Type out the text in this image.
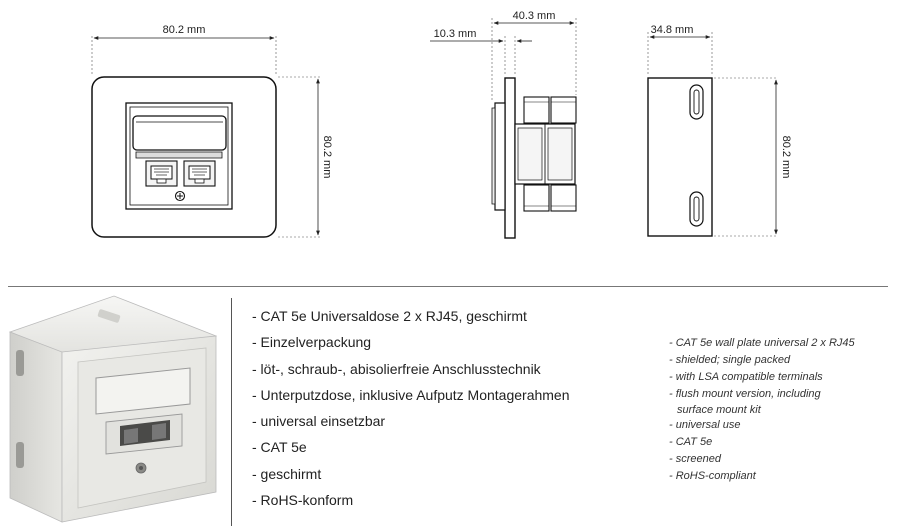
80.2 mm
80.2 mm
40.3 mm
10.3 mm	34.8 mm
80.2 mm
- CAT 5e Universaldose 2 x RJ45, geschirmt
- Einzelverpackung
- löt-, schraub-, abisolierfreie Anschlusstechnik
- Unterputzdose, inklusive Aufputz Montagerahmen
- universal einsetzbar
- CAT 5e
- geschirmt
- RoHS-konform
- CAT 5e wall plate universal 2 x RJ45
- shielded; single packed
- with LSA compatible terminals
- flush mount version, including
surface mount kit
- universal use
- CAT 5e
- screened
- RoHS-compliant
